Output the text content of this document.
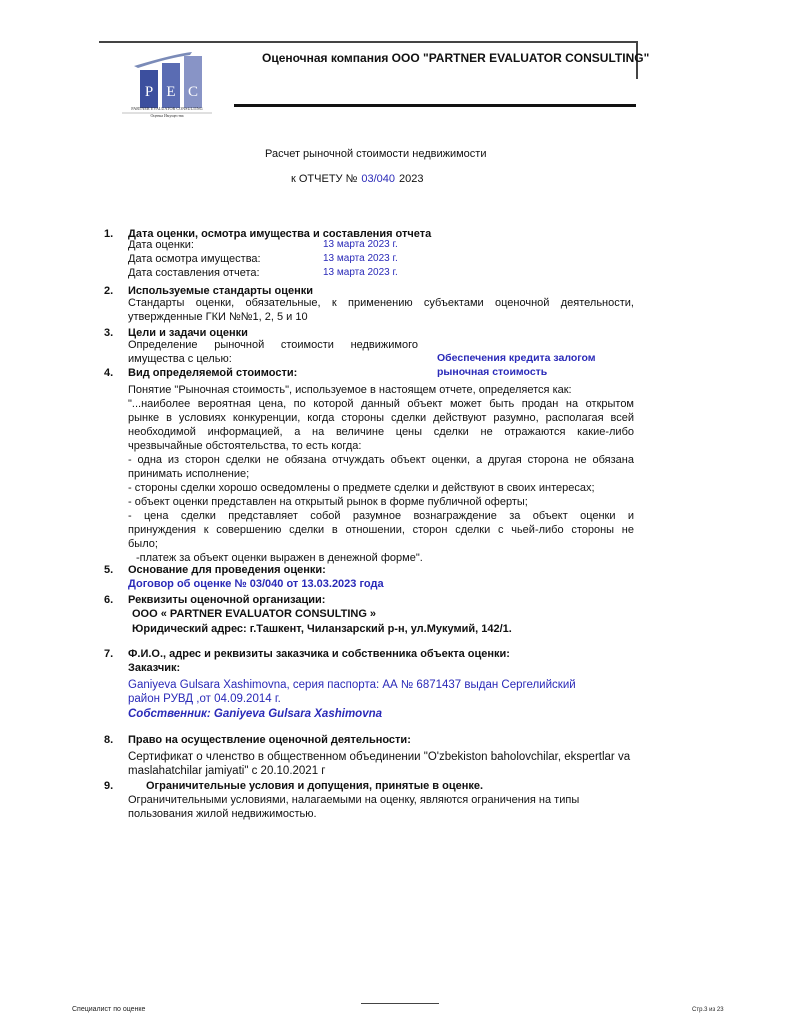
Оценочная компания ООО "PARTNER EVALUATOR CONSULTING"
P E C
PARTNER EVALUATOR CONSULTING
Оценка Имущества
Расчет рыночной стоимости недвижимости
к ОТЧЕТУ № 03/040 2023
1. Дата оценки, осмотра имущества и составления отчета
Дата оценки:	13 марта 2023 г.
Дата осмотра имущества:	13 марта 2023 г.
Дата составления отчета:	13 марта 2023 г.
2. Используемые стандарты оценки
Стандарты оценки, обязательные, к применению субъектами оценочной деятельности,
утвержденные ГКИ №№1, 2, 5 и 10
3. Цели и задачи оценки
Определение рыночной стоимости недвижимого
имущества с целью:	Обеспечения кредита залогом
4. Вид определяемой стоимости:	рыночная стоимость
Понятие "Рыночная стоимость", используемое в настоящем отчете, определяется как:
"...наиболее вероятная цена, по которой данный объект может быть продан на открытом
рынке в условиях конкуренции, когда стороны сделки действуют разумно, располагая всей
необходимой информацией, а на величине цены сделки не отражаются какие-либо
чрезвычайные обстоятельства, то есть когда:
- одна из сторон сделки не обязана отчуждать объект оценки, а другая сторона не обязана
принимать исполнение;
- стороны сделки хорошо осведомлены о предмете сделки и действуют в своих интересах;
- объект оценки представлен на открытый рынок в форме публичной оферты;
- цена сделки представляет собой разумное вознаграждение за объект оценки и
принуждения к совершению сделки в отношении, сторон сделки с чьей-либо стороны не
было;
-платеж за объект оценки выражен в денежной форме".
5. Основание для проведения оценки:
Договор об оценке № 03/040 от 13.03.2023 года
6. Реквизиты оценочной организации:
ООО « PARTNER EVALUATOR CONSULTING »
Юридический адрес: г.Ташкент, Чиланзарский р-н, ул.Мукумий, 142/1.
7. Ф.И.О., адрес и реквизиты заказчика и собственника объекта оценки:
Заказчик:
Ganiyeva Gulsara Xashimovna, серия паспорта: АА № 6871437 выдан Сергелийский
район РУВД ,от 04.09.2014 г.
Собственник: Ganiyeva Gulsara Xashimovna
8. Право на осуществление оценочной деятельности:
Сертификат о членство в общественном объединении "O'zbekiston baholovchilar, ekspertlar va
maslahatchilar jamiyati" с 20.10.2021 г
9.	Ограничительные условия и допущения, принятые в оценке.
Ограничительными условиями, налагаемыми на оценку, являются ограничения на типы
пользования жилой недвижимостью.
Специалист по оценке	Стр.3 из 23
